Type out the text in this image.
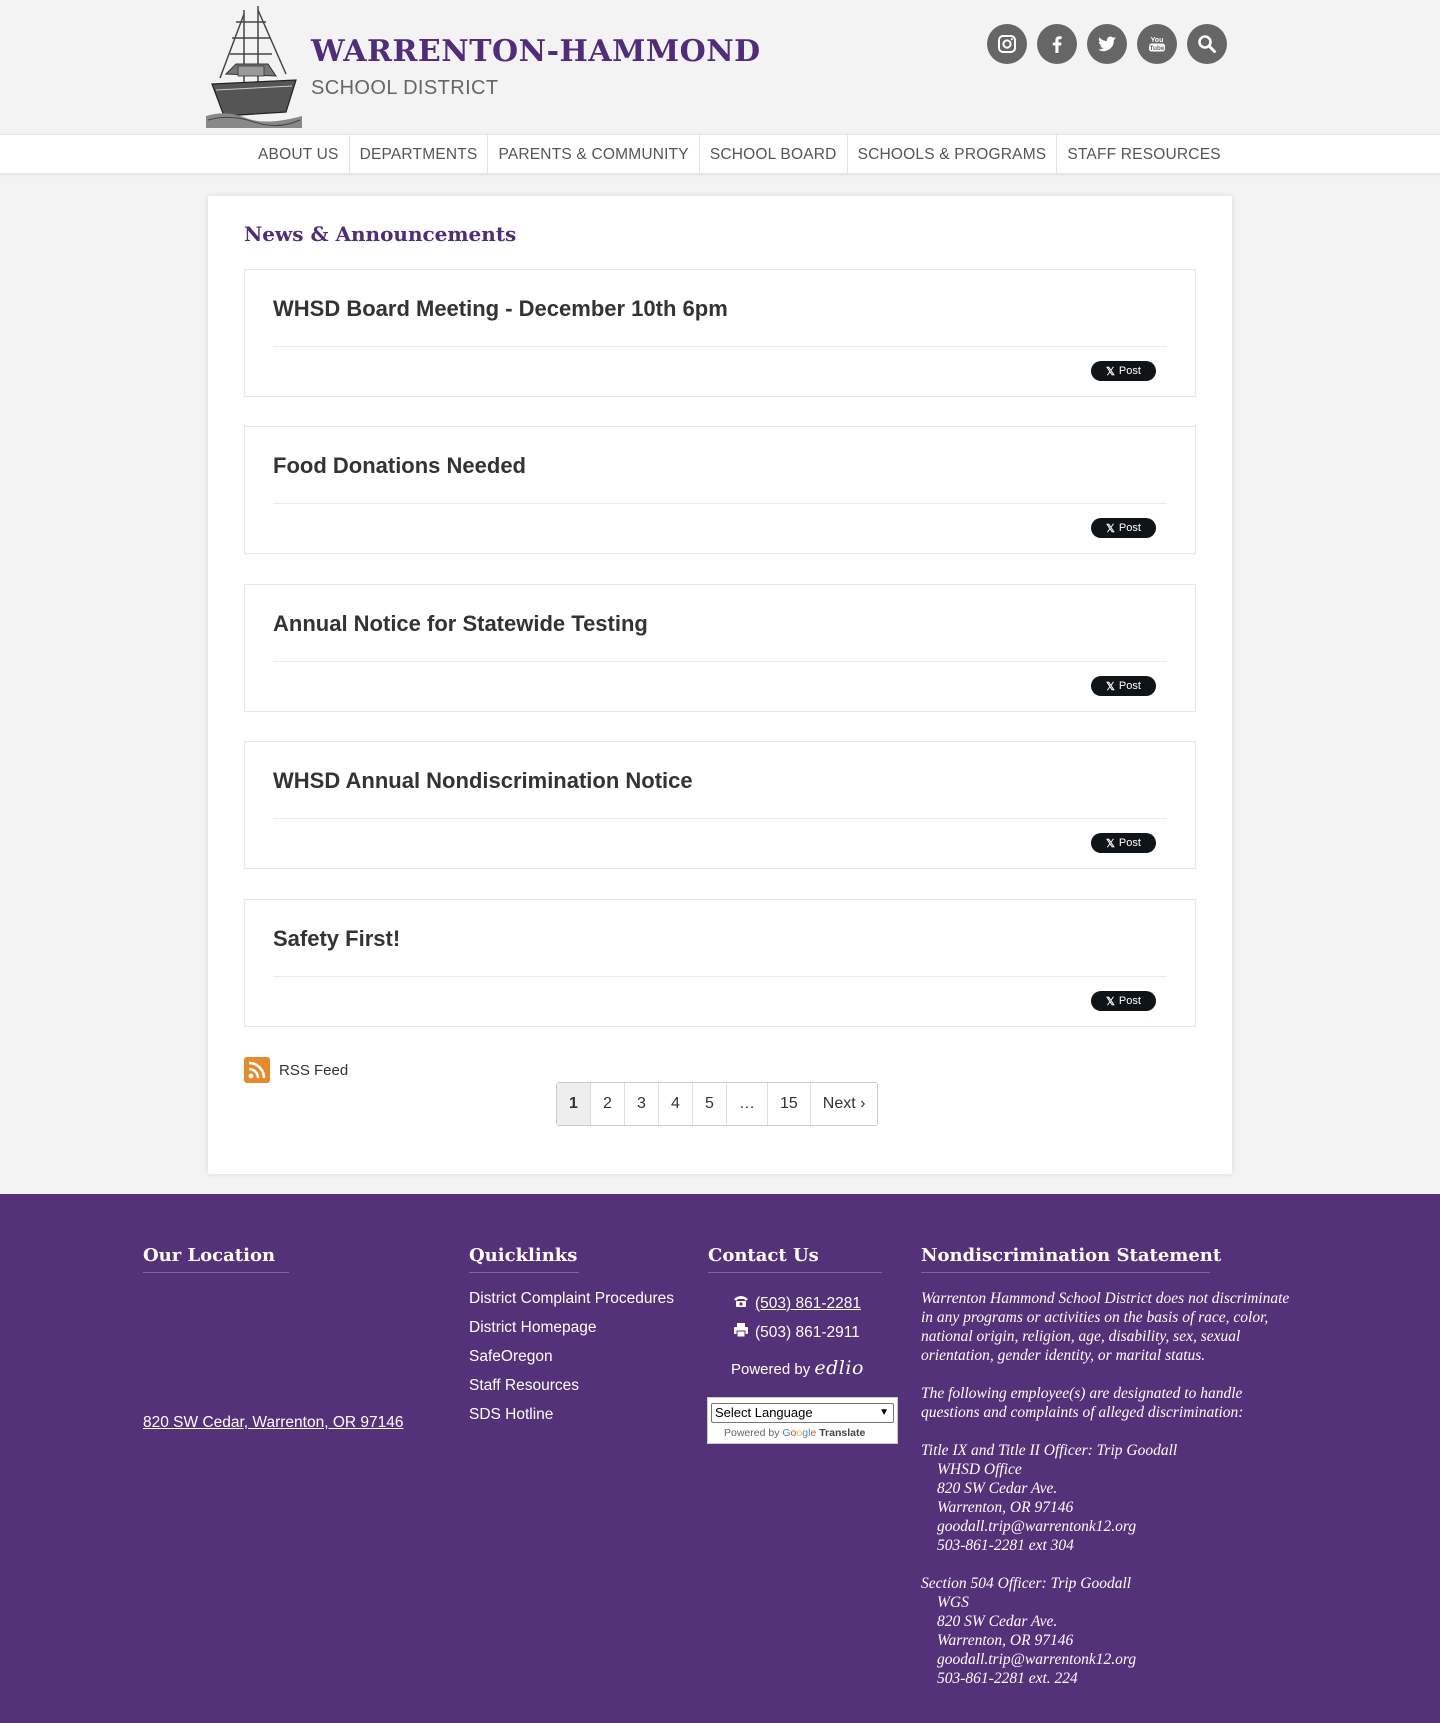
WARRENTON-HAMMOND
SCHOOL DISTRICT
You
Tube
ABOUT US	DEPARTMENTS	PARENTS & COMMUNITY	SCHOOL BOARD	SCHOOLS & PROGRAMS	STAFF RESOURCES
News & Announcements
WHSD Board Meeting - December 10th 6pm
𝕏 Post
Food Donations Needed
𝕏 Post
Annual Notice for Statewide Testing
𝕏 Post
WHSD Annual Nondiscrimination Notice
𝕏 Post
Safety First!
𝕏 Post
RSS Feed
1	2	3	4	5	…	15	Next ›
Our Location
820 SW Cedar, Warrenton, OR 97146
Quicklinks
District Complaint Procedures
District Homepage
SafeOregon
Staff Resources
SDS Hotline
Contact Us
(503) 861-2281
(503) 861-2911
Powered by edlio
Select Language	▼
Powered by Google Translate
Nondiscrimination Statement

Warrenton Hammond School District does not discriminate in any programs or activities on the basis of race, color, national origin, religion, age, disability, sex, sexual orientation, gender identity, or marital status.

The following employee(s) are designated to handle questions and complaints of alleged discrimination:

Title IX and Title II Officer: Trip Goodall
WHSD Office
820 SW Cedar Ave.
Warrenton, OR 97146
goodall.trip@warrentonk12.org
503-861-2281 ext 304
Section 504 Officer: Trip Goodall
WGS
820 SW Cedar Ave.
Warrenton, OR 97146
goodall.trip@warrentonk12.org
503-861-2281 ext. 224
